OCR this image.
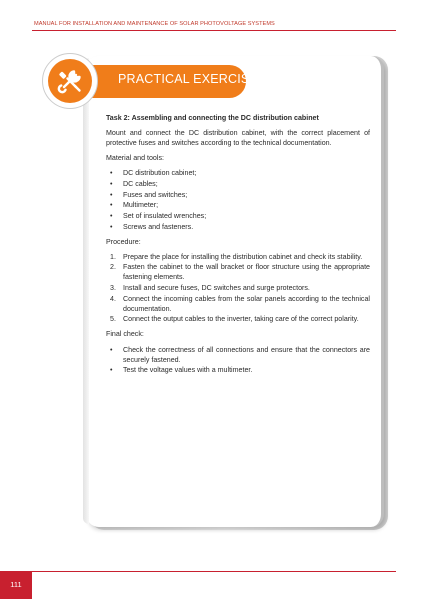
MANUAL FOR INSTALLATION AND MAINTENANCE OF SOLAR PHOTOVOLTAGE SYSTEMS
PRACTICAL EXERCISE
Task 2: Assembling and connecting the DC distribution cabinet

Mount and connect the DC distribution cabinet, with the correct placement of protective fuses and switches according to the technical documentation.

Material and tools:

• DC distribution cabinet;
• DC cables;
• Fuses and switches;
• Multimeter;
• Set of insulated wrenches;
• Screws and fasteners.

Procedure:

1. Prepare the place for installing the distribution cabinet and check its stability.
2. Fasten the cabinet to the wall bracket or floor structure using the appropriate fastening elements.
3. Install and secure fuses, DC switches and surge protectors.
4. Connect the incoming cables from the solar panels according to the technical documentation.
5. Connect the output cables to the inverter, taking care of the correct polarity.

Final check:

• Check the correctness of all connections and ensure that the connectors are securely fastened.
• Test the voltage values with a multimeter.
111
